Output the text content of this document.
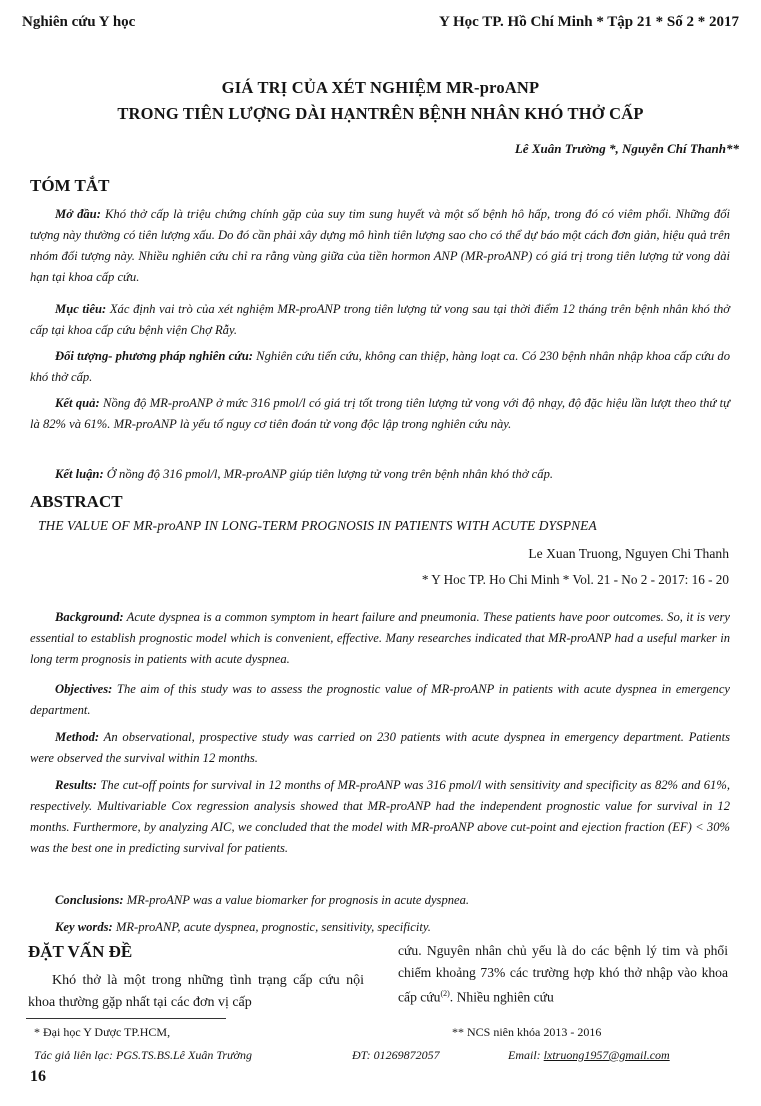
Nghiên cứu Y học	Y Học TP. Hồ Chí Minh * Tập 21 * Số 2 * 2017
GIÁ TRỊ CỦA XÉT NGHIỆM MR-proANP
TRONG TIÊN LƯỢNG DÀI HẠNTRÊN BỆNH NHÂN KHÓ THỞ CẤP
Lê Xuân Trường *, Nguyễn Chí Thanh**
TÓM TẮT
Mở đầu: Khó thở cấp là triệu chứng chính gặp của suy tim sung huyết và một số bệnh hô hấp, trong đó có viêm phổi. Những đối tượng này thường có tiên lượng xấu. Do đó cần phải xây dựng mô hình tiên lượng sao cho có thể dự báo một cách đơn giản, hiệu quả trên nhóm đối tượng này. Nhiều nghiên cứu chỉ ra rằng vùng giữa của tiền hormon ANP (MR-proANP) có giá trị trong tiên lượng tử vong dài hạn tại khoa cấp cứu.
Mục tiêu: Xác định vai trò của xét nghiệm MR-proANP trong tiên lượng tử vong sau tại thời điểm 12 tháng trên bệnh nhân khó thở cấp tại khoa cấp cứu bệnh viện Chợ Rẫy.
Đối tượng- phương pháp nghiên cứu: Nghiên cứu tiến cứu, không can thiệp, hàng loạt ca. Có 230 bệnh nhân nhập khoa cấp cứu do khó thở cấp.
Kết quả: Nồng độ MR-proANP ở mức 316 pmol/l có giá trị tốt trong tiên lượng tử vong với độ nhạy, độ đặc hiệu lần lượt theo thứ tự là 82% và 61%. MR-proANP là yếu tố nguy cơ tiên đoán tử vong độc lập trong nghiên cứu này.
Kết luận: Ở nồng độ 316 pmol/l, MR-proANP giúp tiên lượng tử vong trên bệnh nhân khó thở cấp.
ABSTRACT
THE VALUE OF MR-proANP IN LONG-TERM PROGNOSIS IN PATIENTS WITH ACUTE DYSPNEA
Le Xuan Truong, Nguyen Chi Thanh
* Y Hoc TP. Ho Chi Minh * Vol. 21 - No 2 - 2017: 16 - 20
Background: Acute dyspnea is a common symptom in heart failure and pneumonia. These patients have poor outcomes. So, it is very essential to establish prognostic model which is convenient, effective. Many researches indicated that MR-proANP had a useful marker in long term prognosis in patients with acute dyspnea.
Objectives: The aim of this study was to assess the prognostic value of MR-proANP in patients with acute dyspnea in emergency department.
Method: An observational, prospective study was carried on 230 patients with acute dyspnea in emergency department. Patients were observed the survival within 12 months.
Results: The cut-off points for survival in 12 months of MR-proANP was 316 pmol/l with sensitivity and specificity as 82% and 61%, respectively. Multivariable Cox regression analysis showed that MR-proANP had the independent prognostic value for survival in 12 months. Furthermore, by analyzing AIC, we concluded that the model with MR-proANP above cut-point and ejection fraction (EF) < 30% was the best one in predicting survival for patients.
Conclusions: MR-proANP was a value biomarker for prognosis in acute dyspnea.
Key words: MR-proANP, acute dyspnea, prognostic, sensitivity, specificity.
ĐẶT VẤN ĐỀ
Khó thở là một trong những tình trạng cấp cứu nội khoa thường gặp nhất tại các đơn vị cấp
cứu. Nguyên nhân chủ yếu là do các bệnh lý tim và phổi chiếm khoảng 73% các trường hợp khó thở nhập vào khoa cấp cứu$^{(2)}$. Nhiều nghiên cứu
* Đại học Y Dược TP.HCM,	** NCS niên khóa 2013 - 2016
Tác giả liên lạc: PGS.TS.BS.Lê Xuân Trường	ĐT: 01269872057	Email: lxtruong1957@gmail.com
16
